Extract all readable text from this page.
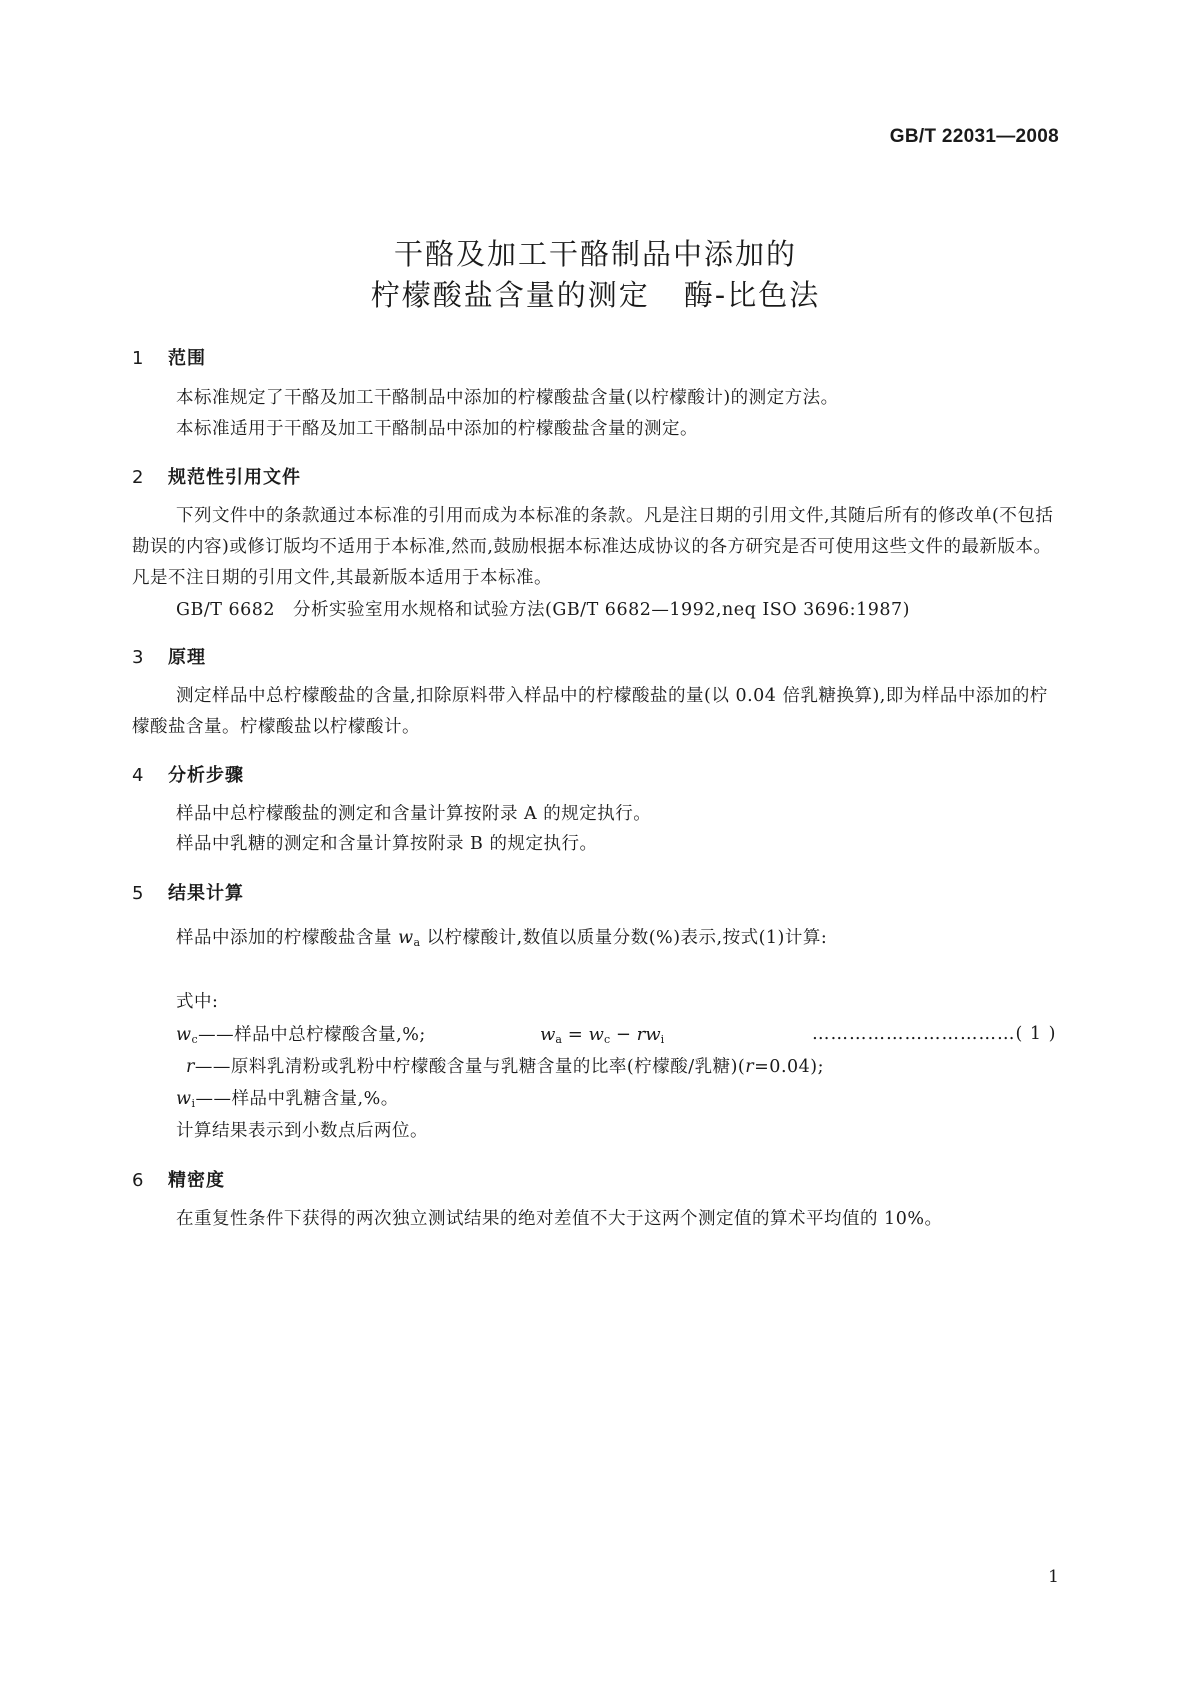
GB/T 22031—2008
干酪及加工干酪制品中添加的
柠檬酸盐含量的测定 酶-比色法
1 范围
本标准规定了干酪及加工干酪制品中添加的柠檬酸盐含量(以柠檬酸计)的测定方法。
本标准适用于干酪及加工干酪制品中添加的柠檬酸盐含量的测定。
2 规范性引用文件
下列文件中的条款通过本标准的引用而成为本标准的条款。凡是注日期的引用文件,其随后所有的修改单(不包括勘误的内容)或修订版均不适用于本标准,然而,鼓励根据本标准达成协议的各方研究是否可使用这些文件的最新版本。凡是不注日期的引用文件,其最新版本适用于本标准。
GB/T 6682　分析实验室用水规格和试验方法(GB/T 6682—1992,neq ISO 3696:1987)
3 原理
测定样品中总柠檬酸盐的含量,扣除原料带入样品中的柠檬酸盐的量(以 0.04 倍乳糖换算),即为样品中添加的柠檬酸盐含量。柠檬酸盐以柠檬酸计。
4 分析步骤
样品中总柠檬酸盐的测定和含量计算按附录 A 的规定执行。
样品中乳糖的测定和含量计算按附录 B 的规定执行。
5 结果计算
样品中添加的柠檬酸盐含量 $w_a$ 以柠檬酸计,数值以质量分数(%)表示,按式(1)计算:
$w_a = w_c - rw_i$	……………………………( 1 )
式中:
$w_c——$样品中总柠檬酸含量,%;
r——原料乳清粉或乳粉中柠檬酸含量与乳糖含量的比率(柠檬酸/乳糖)(r=0.04);
$w_i——$样品中乳糖含量,%。
计算结果表示到小数点后两位。
6 精密度
在重复性条件下获得的两次独立测试结果的绝对差值不大于这两个测定值的算术平均值的 10%。
1
